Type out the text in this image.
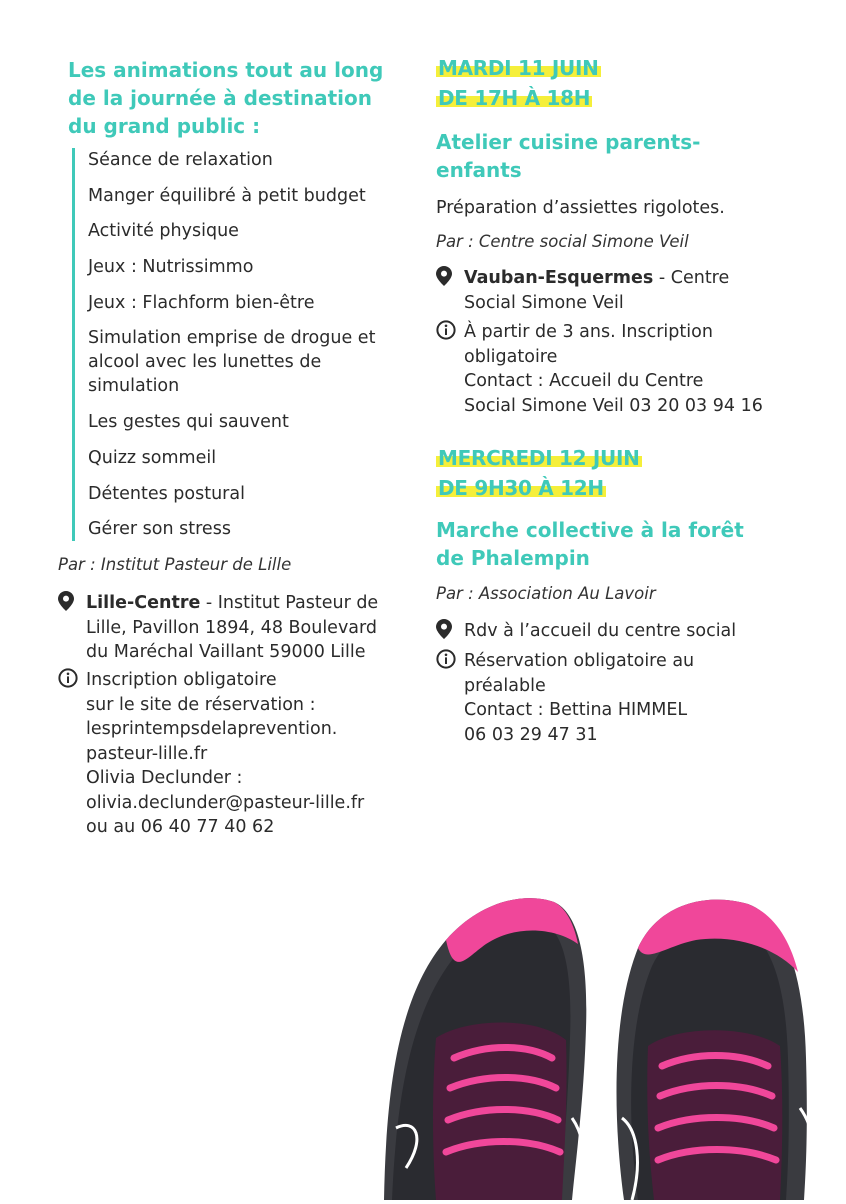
Les animations tout au long
de la journée à destination
du grand public :
Séance de relaxation
Manger équilibré à petit budget
Activité physique
Jeux : Nutrissimmo
Jeux : Flachform bien-être
Simulation emprise de drogue et alcool avec les lunettes de simulation
Les gestes qui sauvent
Quizz sommeil
Détentes postural
Gérer son stress
Par : Institut Pasteur de Lille
Lille-Centre - Institut Pasteur de
Lille, Pavillon 1894, 48 Boulevard
du Maréchal Vaillant 59000 Lille
Inscription obligatoire
sur le site de réservation :
lesprintempsdelaprevention.
pasteur-lille.fr
Olivia Declunder :
olivia.declunder@pasteur-lille.fr
ou au 06 40 77 40 62
MARDI 11 JUIN
DE 17H À 18H
Atelier cuisine parents-
enfants
Préparation d’assiettes rigolotes.
Par : Centre social Simone Veil
Vauban-Esquermes - Centre
Social Simone Veil
À partir de 3 ans. Inscription
obligatoire
Contact : Accueil du Centre
Social Simone Veil 03 20 03 94 16
MERCREDI 12 JUIN
DE 9H30 À 12H
Marche collective à la forêt
de Phalempin
Par : Association Au Lavoir
Rdv à l’accueil du centre social
Réservation obligatoire au
préalable
Contact : Bettina HIMMEL
06 03 29 47 31
